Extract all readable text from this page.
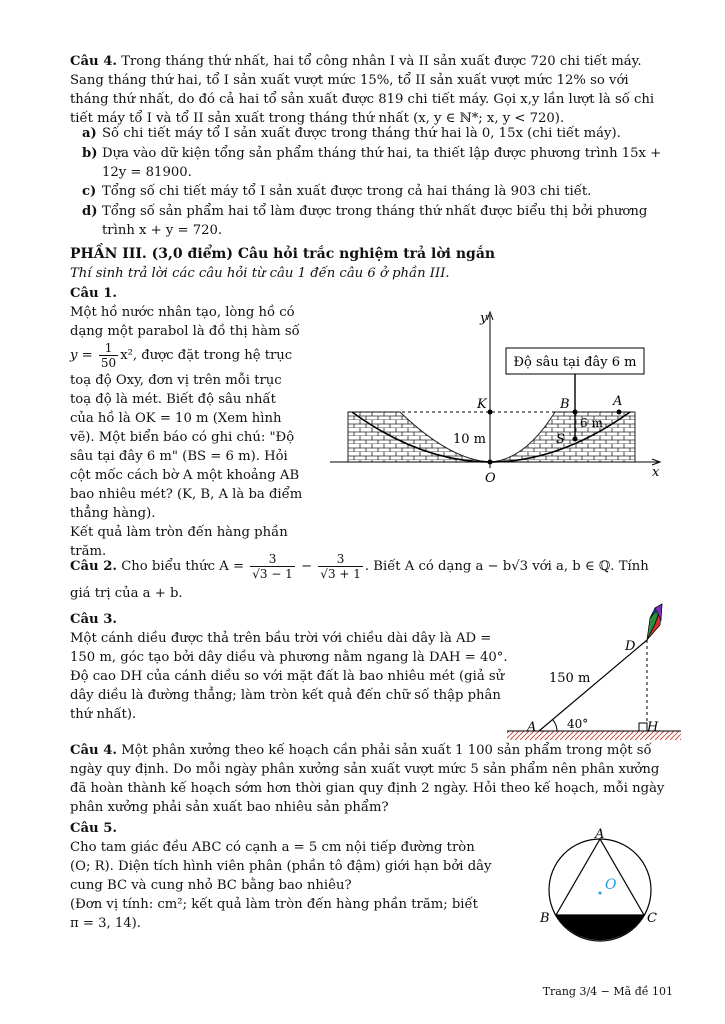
Câu 4. Trong tháng thứ nhất, hai tổ công nhân I và II sản xuất được 720 chi tiết máy.
Sang tháng thứ hai, tổ I sản xuất vượt mức 15%, tổ II sản xuất vượt mức 12% so với
tháng thứ nhất, do đó cả hai tổ sản xuất được 819 chi tiết máy. Gọi x,y lần lượt là số chi
tiết máy tổ I và tổ II sản xuất trong tháng thứ nhất (x, y ∈ ℕ*; x, y < 720).
a) Số chi tiết máy tổ I sản xuất được trong tháng thứ hai là 0, 15x (chi tiết máy).
b) Dựa vào dữ kiện tổng sản phẩm tháng thứ hai, ta thiết lập được phương trình 15x +
12y = 81900.
c) Tổng số chi tiết máy tổ I sản xuất được trong cả hai tháng là 903 chi tiết.
d) Tổng số sản phẩm hai tổ làm được trong tháng thứ nhất được biểu thị bởi phương
trình x + y = 720.
PHẦN III. (3,0 điểm) Câu hỏi trắc nghiệm trả lời ngắn
Thí sinh trả lời các câu hỏi từ câu 1 đến câu 6 ở phần III.
Câu 1.
Một hồ nước nhân tạo, lòng hồ có
dạng một parabol là đồ thị hàm số
$y = \frac{1}{50} x^2$, được đặt trong hệ trục
toạ độ Oxy, đơn vị trên mỗi trục
toạ độ là mét. Biết độ sâu nhất
của hồ là OK = 10 m (Xem hình
vẽ). Một biển báo có ghi chú: "Độ
sâu tại đây 6 m" (BS = 6 m). Hỏi
cột mốc cách bờ A một khoảng AB
bao nhiêu mét? (K, B, A là ba điểm
thẳng hàng).
Kết quả làm tròn đến hàng phần
trăm.
Độ sâu tại đây 6 m
y
x
O
K	B	A
S
10 m
6 m
Câu 2. Cho biểu thức $A = \frac{3}{√3 - 1} - \frac{3}{√3 + 1}$ . Biết A có dạng a − b√3 với a, b ∈ ℚ. Tính
giá trị của a + b.
Câu 3.
Một cánh diều được thả trên bầu trời với chiều dài dây là AD =
150 m, góc tạo bởi dây diều và phương nằm ngang là DAH = 40°.
Độ cao DH của cánh diều so với mặt đất là bao nhiêu mét (giả sử
dây diều là đường thẳng; làm tròn kết quả đến chữ số thập phân
thứ nhất).
D
A	H
150 m
40°
Câu 4. Một phân xưởng theo kế hoạch cần phải sản xuất 1 100 sản phẩm trong một số
ngày quy định. Do mỗi ngày phân xưởng sản xuất vượt mức 5 sản phẩm nên phân xưởng
đã hoàn thành kế hoạch sớm hơn thời gian quy định 2 ngày. Hỏi theo kế hoạch, mỗi ngày
phân xưởng phải sản xuất bao nhiêu sản phẩm?
Câu 5.
Cho tam giác đều ABC có cạnh a = 5 cm nội tiếp đường tròn
(O; R). Diện tích hình viên phân (phần tô đậm) giới hạn bởi dây
cung BC và cung nhỏ BC bằng bao nhiêu?
(Đơn vị tính: cm²; kết quả làm tròn đến hàng phần trăm; biết
π = 3, 14).
A
B	C
O
Trang 3/4 − Mã đề 101
